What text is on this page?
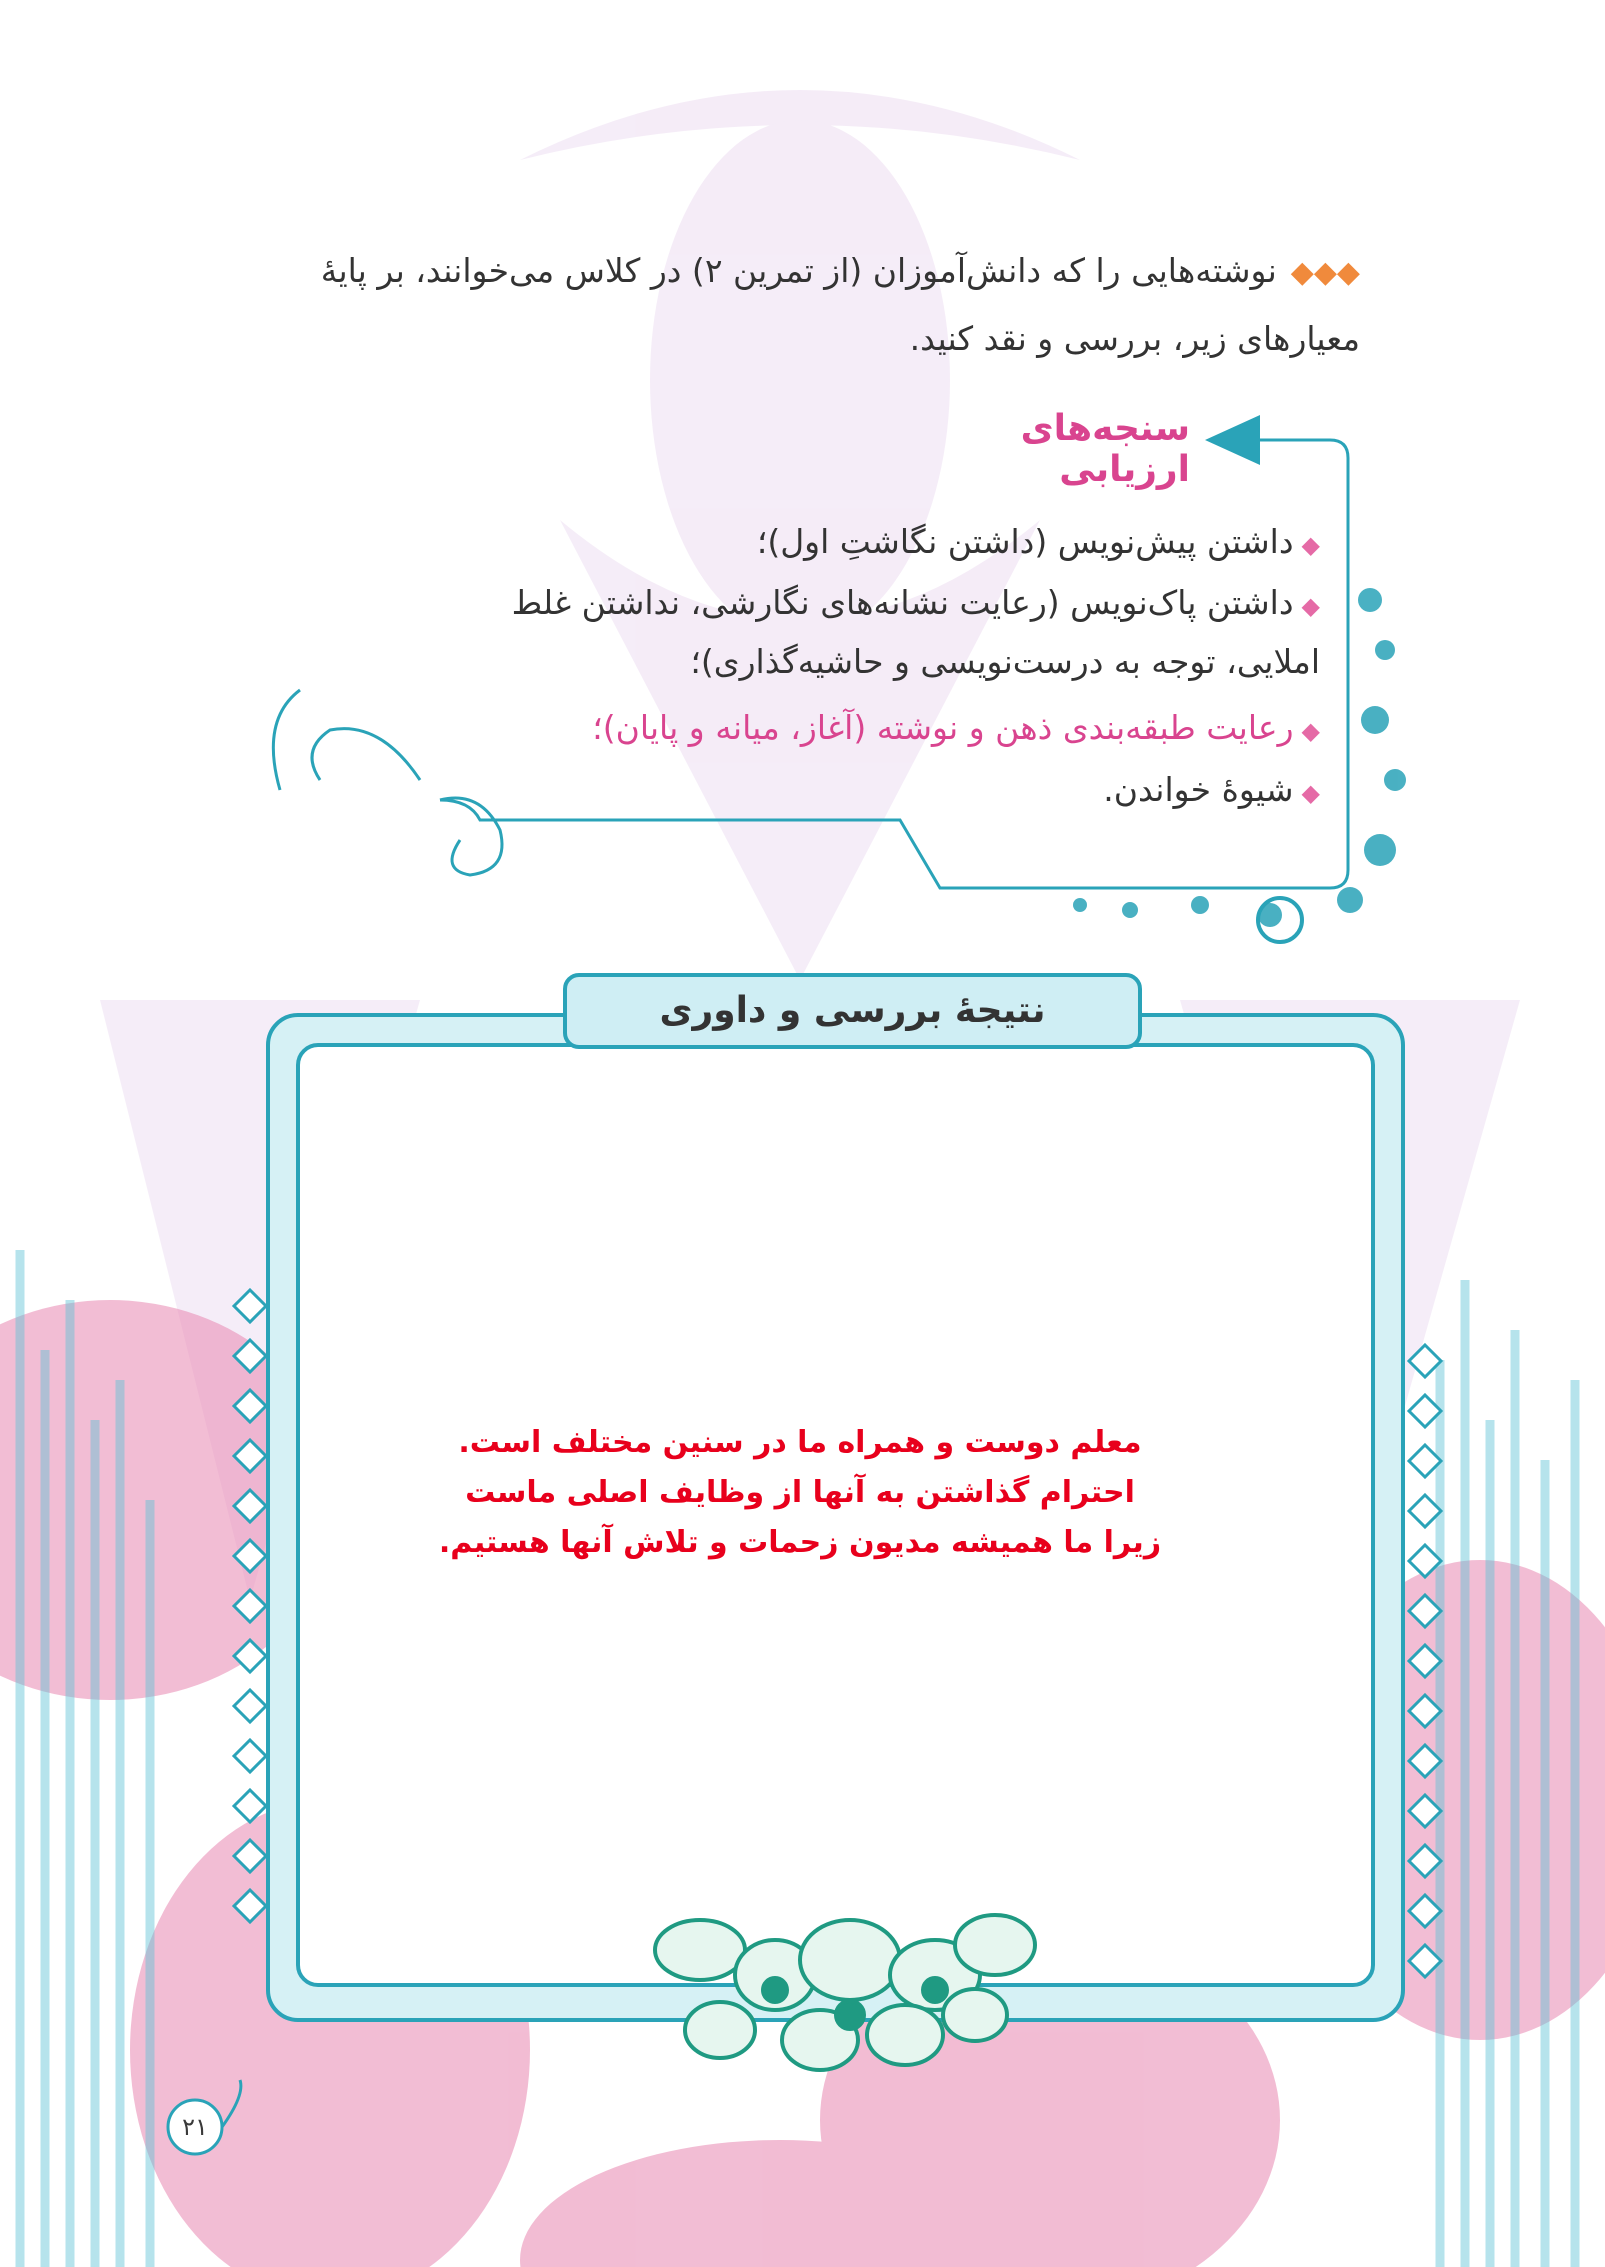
◆◆◆نوشته‌هایی را که دانش‌آموزان (از تمرین ۲) در کلاس می‌خوانند، بر پایهٔ معیارهای زیر، بررسی و نقد کنید.
سنجه‌های ارزیابی
◆داشتن پیش‌نویس (داشتن نگاشتِ اول)؛
◆داشتن پاک‌نویس (رعایت نشانه‌های نگارشی، نداشتن غلط املایی، توجه به درست‌نویسی و حاشیه‌گذاری)؛
◆رعایت طبقه‌بندی ذهن و نوشته (آغاز، میانه و پایان)؛
◆شیوهٔ خواندن.
نتیجهٔ بررسی و داوری
معلم دوست و همراه ما در سنین مختلف است.
احترام گذاشتن به آنها از وظایف اصلی ماست
زیرا ما همیشه مدیون زحمات و تلاش آنها هستیم.
۲۱
